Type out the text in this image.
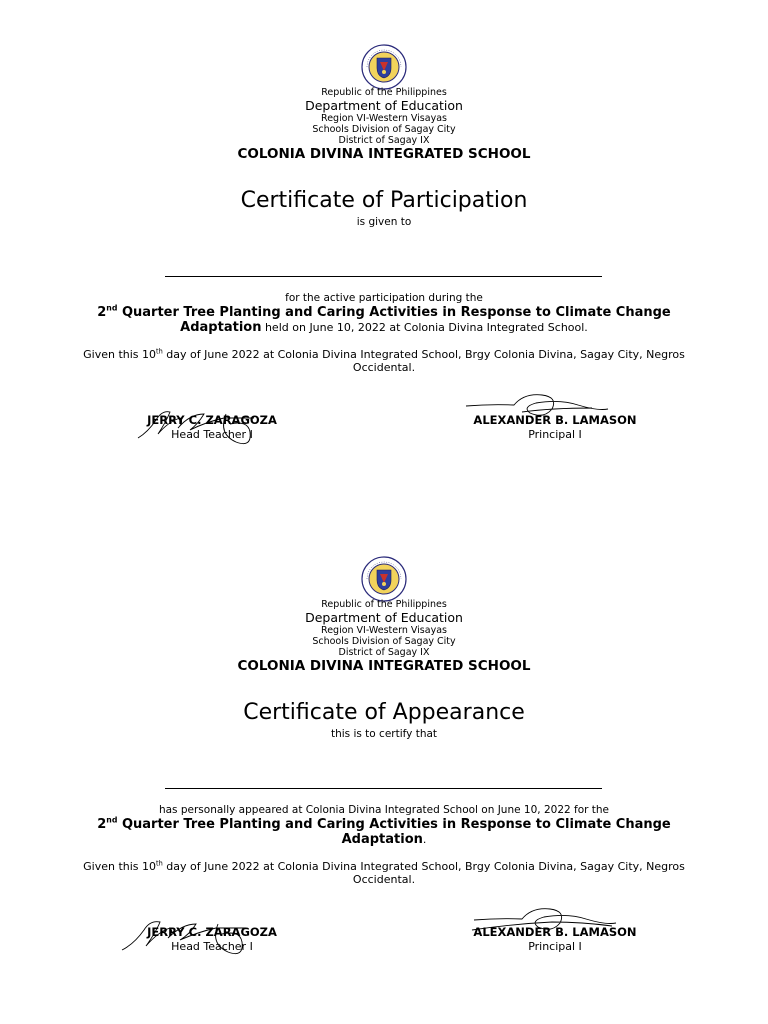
Republic of the Philippines
Department of Education
Region VI-Western Visayas
Schools Division of Sagay City
District of Sagay IX
COLONIA DIVINA INTEGRATED SCHOOL
Certificate of Participation
is given to
for the active participation during the
2nd Quarter Tree Planting and Caring Activities in Response to Climate Change
Adaptation held on June 10, 2022 at Colonia Divina Integrated School.
Given this 10th day of June 2022 at Colonia Divina Integrated School, Brgy Colonia Divina, Sagay City, Negros
Occidental.
JERRY C. ZARAGOZA
Head Teacher I
ALEXANDER B. LAMASON
Principal I
Republic of the Philippines
Department of Education
Region VI-Western Visayas
Schools Division of Sagay City
District of Sagay IX
COLONIA DIVINA INTEGRATED SCHOOL
Certificate of Appearance
this is to certify that
has personally appeared at Colonia Divina Integrated School on June 10, 2022 for the
2nd Quarter Tree Planting and Caring Activities in Response to Climate Change
Adaptation.
Given this 10th day of June 2022 at Colonia Divina Integrated School, Brgy Colonia Divina, Sagay City, Negros
Occidental.
JERRY C. ZARAGOZA
Head Teacher I
ALEXANDER B. LAMASON
Principal I
